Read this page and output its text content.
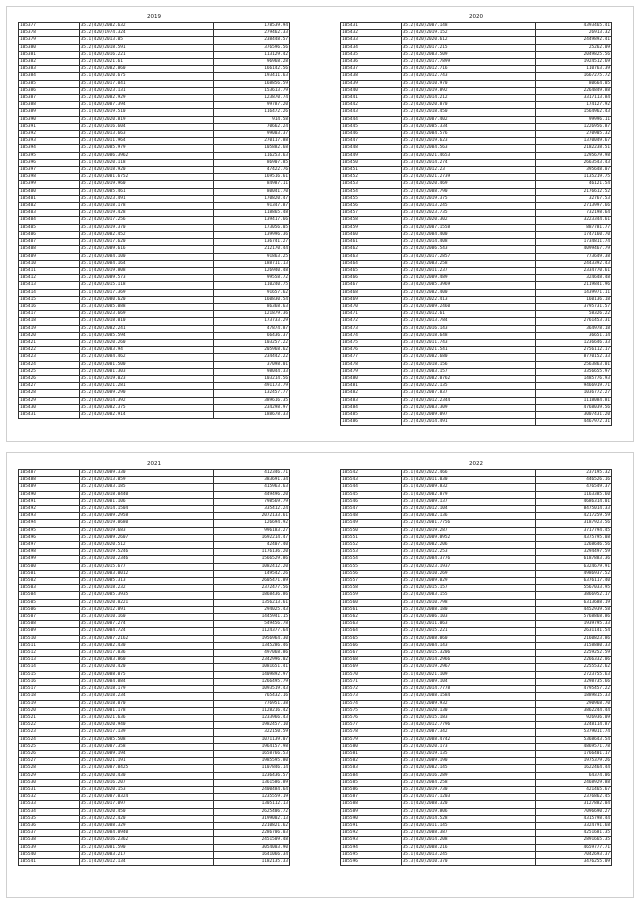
2019
105377	35.2(420)2002.632	178539.94
105378	35.2(420)1974.324	279462.33
105379	35.1(420)2013.05	238448.57
105380	35.2(420)2018.591	376596.56
105381	35.1(420)2016.221	113129.42
105382	35.2(420)2021.61	96968.28
105383	35.2(420)2002.860	166142.56
105384	35.1(420)2020.675	193411.63
105385	35.3(420)2017.041	168856.59
105386	35.3(420)2023.131	153613.79
105387	35.2(420)2002.929	123870.74
105388	35.1(420)2007.394	99787.20
105389	35.1(420)2019.510	116472.26
105390	35.3(420)2020.819	914.58
105391	35.2(420)2016.604	70662.24
105392	35.2(420)2013.663	99003.37
105393	35.3(420)2011.964	270117.88
105394	35.2(420)2005.979	105882.68
105395	35.2(420)2006.3962	116253.63
105396	35.1(420)2020.118	86907.85
105397	35.2(420)2018.920	47422.76
105398	35.2(420)2001.6752	169516.61
105399	35.2(420)2019.960	84987.11
105400	35.3(420)2005.461	80041.70
105401	35.3(420)2023.491	170820.47
105402	35.3(420)2018.178	91347.87
105403	35.2(420)2019.428	118865.48
105404	35.2(420)2017.256	139417.66
105405	35.3(420)2019.370	173056.05
105406	35.3(420)2002.452	139996.36
105407	35.3(420)2017.620	136741.27
105408	35.2(420)2009.616	212170.44
105409	35.2(420)2004.100	91863.25
105410	35.1(420)2004.164	188711.13
105411	35.1(420)2019.808	126940.48
105412	35.2(420)2009.573	99558.72
105413	35.2(420)2015.118	110240.75
105414	35.1(420)2017.369	91657.62
105415	35.2(420)2000.620	160830.54
105416	35.3(420)2005.088	86368.63
105417	35.2(420)2023.669	121879.36
105418	35.3(420)2018.010	173733.29
105419	35.2(420)2002.241	47874.87
105420	35.1(420)2005.594	66436.37
105421	35.2(420)2020.260	103257.22
105422	35.3(420)2003.94	205968.62
105423	35.2(420)2004.462	234442.22
105424	35.2(420)2001.500	37098.01
105425	35.2(420)2001.303	98044.33
105426	35.1(420)2019.023	103214.56
105427	35.3(420)2021.281	491173.79
105428	35.2(420)2009.290	132457.77
105429	35.2(420)2014.392	389616.35
105430	35.3(420)2002.375	234298.97
105431	35.2(420)2002.914	188678.33
2020
105431	35.2(420)2007.148	4393465.41
105432	35.2(420)2019.152	26913.32
105433	35.2(420)2020.612	2449892.41
105434	35.2(420)2017.215	25262.09
105435	35.2(420)2003.509	2049825.56
105436	35.2(420)2017.7899	1924512.69
105437	35.3(420)2012.716	110763.39
105438	35.3(420)2012.743	1667275.72
105439	35.3(420)2010.970	80664.05
105440	35.3(420)2019.892	2264849.88
105441	35.3(420)2014.212	3317113.84
105442	35.2(420)2020.870	174127.92
105443	35.2(420)2018.450	1564962.43
105444	35.3(420)2007.402	99996.11
105445	35.3(420)2005.334	1226956.87
105446	35.3(420)2004.576	270905.32
105447	35.2(420)2019.623	1370049.67
105448	35.3(420)2004.563	2182238.51
105449	35.3(420)2021.4653	1295679.98
105450	35.3(420)2014.274	2663543.43
105451	35.3(420)2012.23	395648.07
105452	35.2(420)2021.2739	1135219.75
105453	35.3(420)2020.469	46121.54
105454	35.2(420)2008.790	2176612.52
105455	35.3(420)2019.375	32767.53
105456	35.3(420)2013.245	2713997.66
105457	35.3(420)2023.735	732198.64
105458	35.2(420)2020.302	3223344.61
105459	35.3(420)2007.1558	887781.77
105460	35.2(420)2004.400	1747160.70
105461	35.2(420)2014.408	1734811.74
105462	35.2(420)2006.543	4099467.79
105463	35.3(420)2017.2857	773649.38
105464	35.2(420)2003.258	2443392.43
105465	35.2(420)2011.237	2334770.61
105466	35.2(420)2009.489	324648.48
105467	35.3(420)2005.3969	2119841.96
105468	35.2(420)2002.400	1439971.11
105469	35.2(420)2022.413	160136.18
105470	35.2(420)2009.2460	3795731.57
105471	35.2(420)2012.61	58326.22
105472	35.2(420)2013.784	2761453.31
105473	35.3(420)2016.143	364978.18
105474	35.2(420)2018.648	36651.14
105475	35.3(420)2011.743	1236646.33
105476	35.2(420)2021.541	2756112.17
105477	35.2(420)2002.680	8770152.33
105478	35.2(420)2018.156	2563863.01
105479	35.3(420)2003.157	3356655.97
105480	35.2(420)2002.0762	1485776.93
105481	35.2(420)2022.135	9466919.71
105482	35.3(420)2007.837	1036772.27
105483	35.2(420)2012.2344	1118084.81
105484	35.2(420)2003.309	4768039.56
105485	35.2(420)2009.097	3007431.20
105486	35.2(420)2014.491	4467972.31
2021
105487	35.2(420)2009.330	412346.71
105488	35.2(420)2013.059	383691.34
105489	35.2(420)2003.185	415963.63
105490	35.2(420)2018.0440	449496.20
105491	35.2(420)2001.106	798569.79
105492	35.2(420)2014.1504	335412.24
105493	35.3(420)2009.2958	2072133.61
105494	35.2(420)2019.0680	126694.92
105495	35.2(420)2019.683	996183.27
105496	35.2(420)2009.2607	1692214.47
105497	35.3(420)2020.512	42407.40
105498	35.2(420)2019.5246	1176136.20
105499	35.3(420)2010.2346	1566529.86
105500	35.3(420)2015.677	1082412.20
105501	35.3(420)2003.0012	149542.26
105502	35.3(420)2005.313	2605471.89
105503	35.2(420)2018.232	2372477.56
105504	35.2(420)2005.3935	1868436.86
105505	35.2(420)2020.0221	1356213.61
105506	35.3(420)2012.091	294025.43
105507	35.3(420)2010.160	1445941.15
105508	35.3(420)2007.274	549456.78
105509	35.2(420)2004.724	1124377.64
105510	35.3(420)2007.2162	1956964.30
105511	35.3(420)2002.430	1345286.46
105512	35.3(420)2017.036	497068.86
105513	35.2(420)2003.860	2342996.02
105514	35.2(420)2020.420	1081651.41
105515	35.2(420)2008.075	1409892.97
105516	35.3(420)2004.084	1266495.79
105517	35.2(420)2018.179	1093519.43
105518	35.3(420)2018.234	765432.16
105519	35.2(420)2018.070	776951.38
105520	35.2(420)2001.178	1128216.42
105521	35.3(420)2021.636	1233966.43
105522	35.3(420)2020.940	1982457.10
105523	35.2(420)2017.139	322150.59
105524	35.2(420)2005.508	1071139.07
105525	35.3(420)2007.358	1964157.98
105526	35.2(420)2009.194	1658766.53
105527	35.2(420)2021.191	1985595.80
105528	35.2(420)2007.0425	1107846.14
105529	35.2(420)2020.430	1236436.57
105530	35.2(420)2016.207	1361586.89
105531	35.3(420)2020.153	2400484.64
105532	35.2(420)2007.0324	1235559.19
105533	35.3(420)2017.097	1305112.13
105534	35.3(420)2020.450	2625406.72
105535	35.3(420)2022.420	3199002.13
105536	35.3(420)2008.329	2210821.62
105537	35.2(420)2004.0940	2286706.03
105538	35.2(420)2016.2362	2451509.48
105539	35.2(420)2001.590	3054003.90
105540	35.2(420)2003.217	1641066.34
105541	35.1(420)2012.134	1182135.33
2022
105542	35.1(420)2022.466	237195.32
105543	35.1(420)2011.030	446526.16
105544	35.1(420)2009.832	476549.37
105545	35.1(420)2002.879	1163385.60
105546	35.3(420)2009.137	4686314.01
105547	35.2(420)2012.104	8475014.33
105548	35.3(420)2002.136	4217259.59
105549	35.2(420)2001.7756	3187923.56
105550	35.2(420)2019.287	3717794.45
105551	35.3(420)2009.0952	4375795.08
105552	35.2(420)2002.206	1268646.56
105553	35.3(420)2012.253	3294497.59
105554	35.2(420)2004.3776	6187883.36
105555	35.2(420)2023.1937	6324679.91
105556	35.3(420)2010.269	4986937.52
105557	35.2(420)2009.029	6376117.40
105558	35.2(420)2015.157	5567033.95
105559	35.2(420)2003.155	3866952.17
105560	35.3(420)2010.798	6313688.19
105561	35.2(420)2008.180	4452939.58
105562	35.2(420)2006.103	5768868.86
105563	35.1(420)2011.063	1939795.33
105564	35.2(420)2015.221	2631141.54
105565	35.2(420)2008.060	2160823.86
105566	35.3(420)2004.143	3158880.33
105567	35.2(420)2015.3206	2259252.59
105568	35.2(420)2014.2966	2266332.06
105569	35.2(420)2019.2967	2255532.62
105570	35.1(420)2021.109	2723755.63
105571	35.3(420)2009.104	3298735.66
105572	35.2(420)2014.7778	4795457.22
105573	35.2(420)2008.1584	1889815.33
105574	35.2(420)2009.932	290968.70
105575	35.2(420)2020.130	3862244.44
105576	35.2(420)2015.183	926936.09
105577	35.3(420)2012.7796	3248114.87
105578	35.2(420)2007.342	5379011.74
105579	35.2(420)2008.4742	5368643.54
105580	35.2(420)2020.173	4869571.78
105581	35.3(420)2019.135	1766401.17
105582	35.3(420)2009.190	1975379.26
105583	35.2(420)2002.145	1622464.44
105584	35.3(420)2016.289	64374.06
105585	35.2(420)2004.258	2468929.88
105586	35.2(420)2019.730	421465.67
105587	35.2(420)2017.1203	2376862.45
105588	35.1(420)2008.320	3127882.04
105589	35.2(420)2019.806	7096690.27
105590	35.3(420)2014.528	4315798.44
105591	35.2(420)2011.145	3324791.68
105592	35.2(420)2008.387	4251681.35
105593	35.2(420)2014.208	2891665.35
105594	35.2(420)2008.216	4659777.71
105595	35.1(420)2013.245	7042693.37
105596	35.3(420)2010.370	3476255.09
